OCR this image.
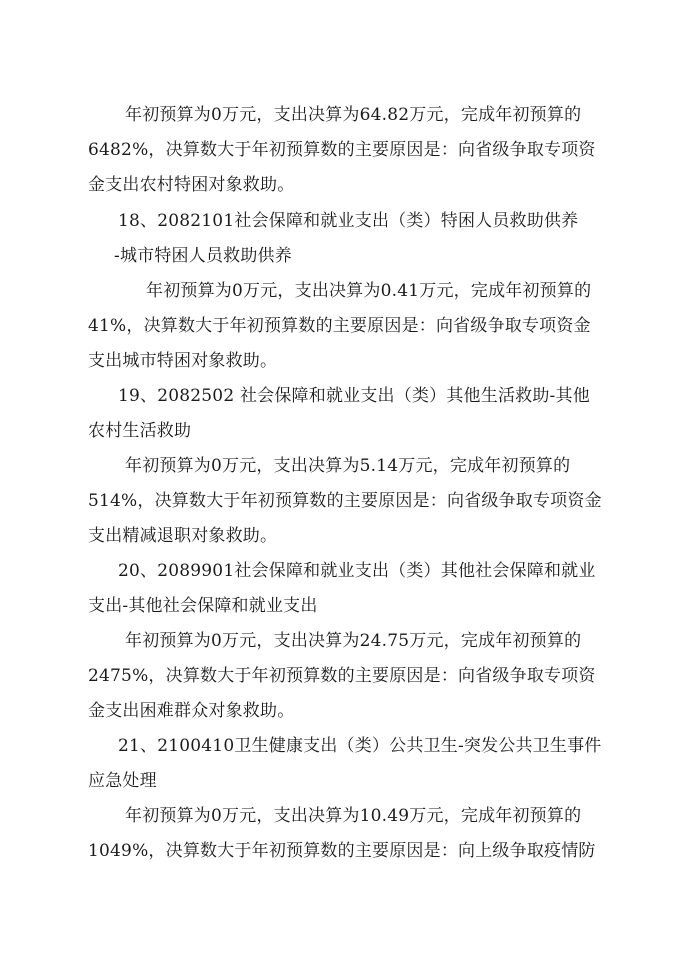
年初预算为0万元，支出决算为64.82万元，完成年初预算的
6482%，决算数大于年初预算数的主要原因是：向省级争取专项资
金支出农村特困对象救助。
18、2082101社会保障和就业支出（类）特困人员救助供养
-城市特困人员救助供养
年初预算为0万元，支出决算为0.41万元，完成年初预算的
41%，决算数大于年初预算数的主要原因是：向省级争取专项资金
支出城市特困对象救助。
19、2082502 社会保障和就业支出（类）其他生活救助-其他
农村生活救助
年初预算为0万元，支出决算为5.14万元，完成年初预算的
514%，决算数大于年初预算数的主要原因是：向省级争取专项资金
支出精减退职对象救助。
20、2089901社会保障和就业支出（类）其他社会保障和就业
支出-其他社会保障和就业支出
年初预算为0万元，支出决算为24.75万元，完成年初预算的
2475%，决算数大于年初预算数的主要原因是：向省级争取专项资
金支出困难群众对象救助。
21、2100410卫生健康支出（类）公共卫生-突发公共卫生事件
应急处理
年初预算为0万元，支出决算为10.49万元，完成年初预算的
1049%，决算数大于年初预算数的主要原因是：向上级争取疫情防
